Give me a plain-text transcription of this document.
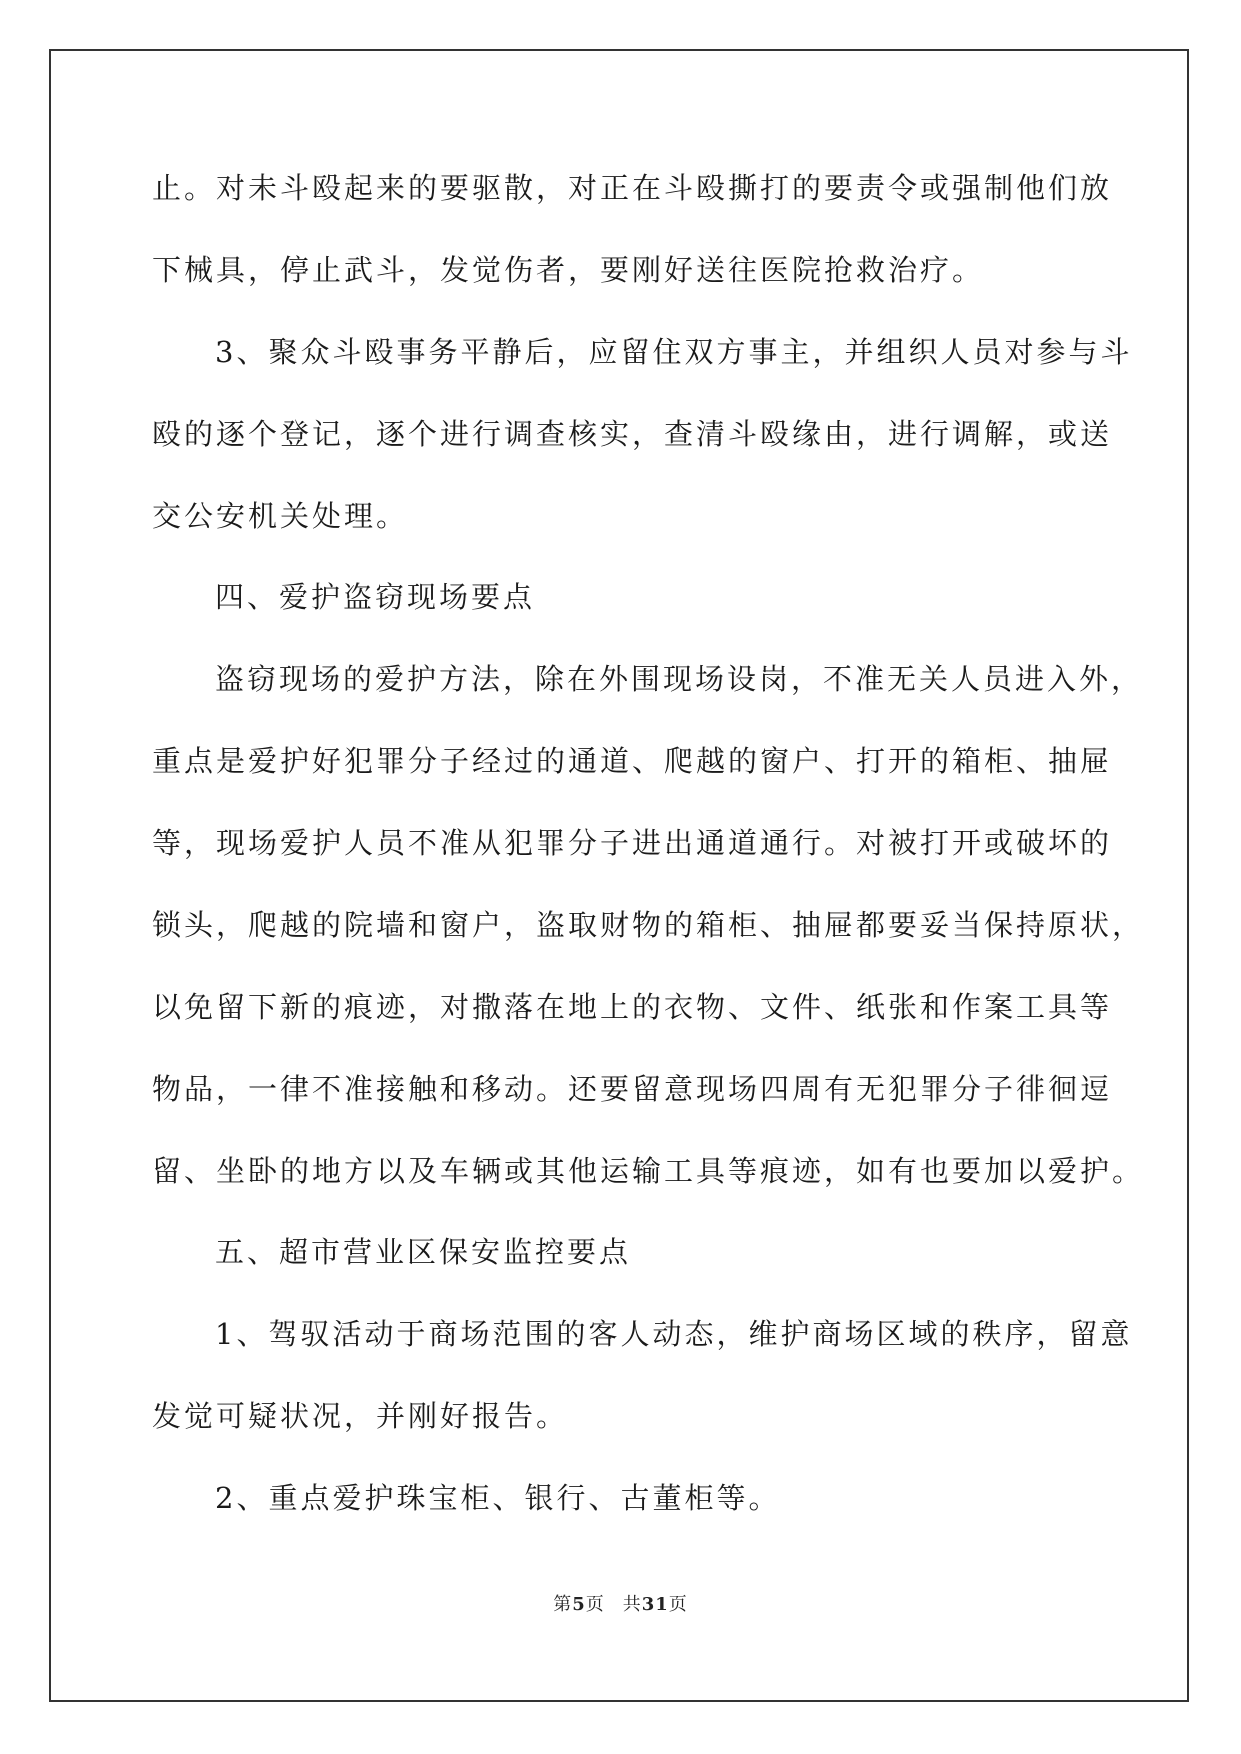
止。对未斗殴起来的要驱散，对正在斗殴撕打的要责令或强制他们放
下械具，停止武斗，发觉伤者，要刚好送往医院抢救治疗。
3、聚众斗殴事务平静后，应留住双方事主，并组织人员对参与斗
殴的逐个登记，逐个进行调查核实，查清斗殴缘由，进行调解，或送
交公安机关处理。
四、爱护盗窃现场要点
盗窃现场的爱护方法，除在外围现场设岗，不准无关人员进入外，
重点是爱护好犯罪分子经过的通道、爬越的窗户、打开的箱柜、抽屉
等，现场爱护人员不准从犯罪分子进出通道通行。对被打开或破坏的
锁头，爬越的院墙和窗户，盗取财物的箱柜、抽屉都要妥当保持原状，
以免留下新的痕迹，对撒落在地上的衣物、文件、纸张和作案工具等
物品，一律不准接触和移动。还要留意现场四周有无犯罪分子徘徊逗
留、坐卧的地方以及车辆或其他运输工具等痕迹，如有也要加以爱护。
五、超市营业区保安监控要点
1、驾驭活动于商场范围的客人动态，维护商场区域的秩序，留意
发觉可疑状况，并刚好报告。
2、重点爱护珠宝柜、银行、古董柜等。
第5页 共31页
